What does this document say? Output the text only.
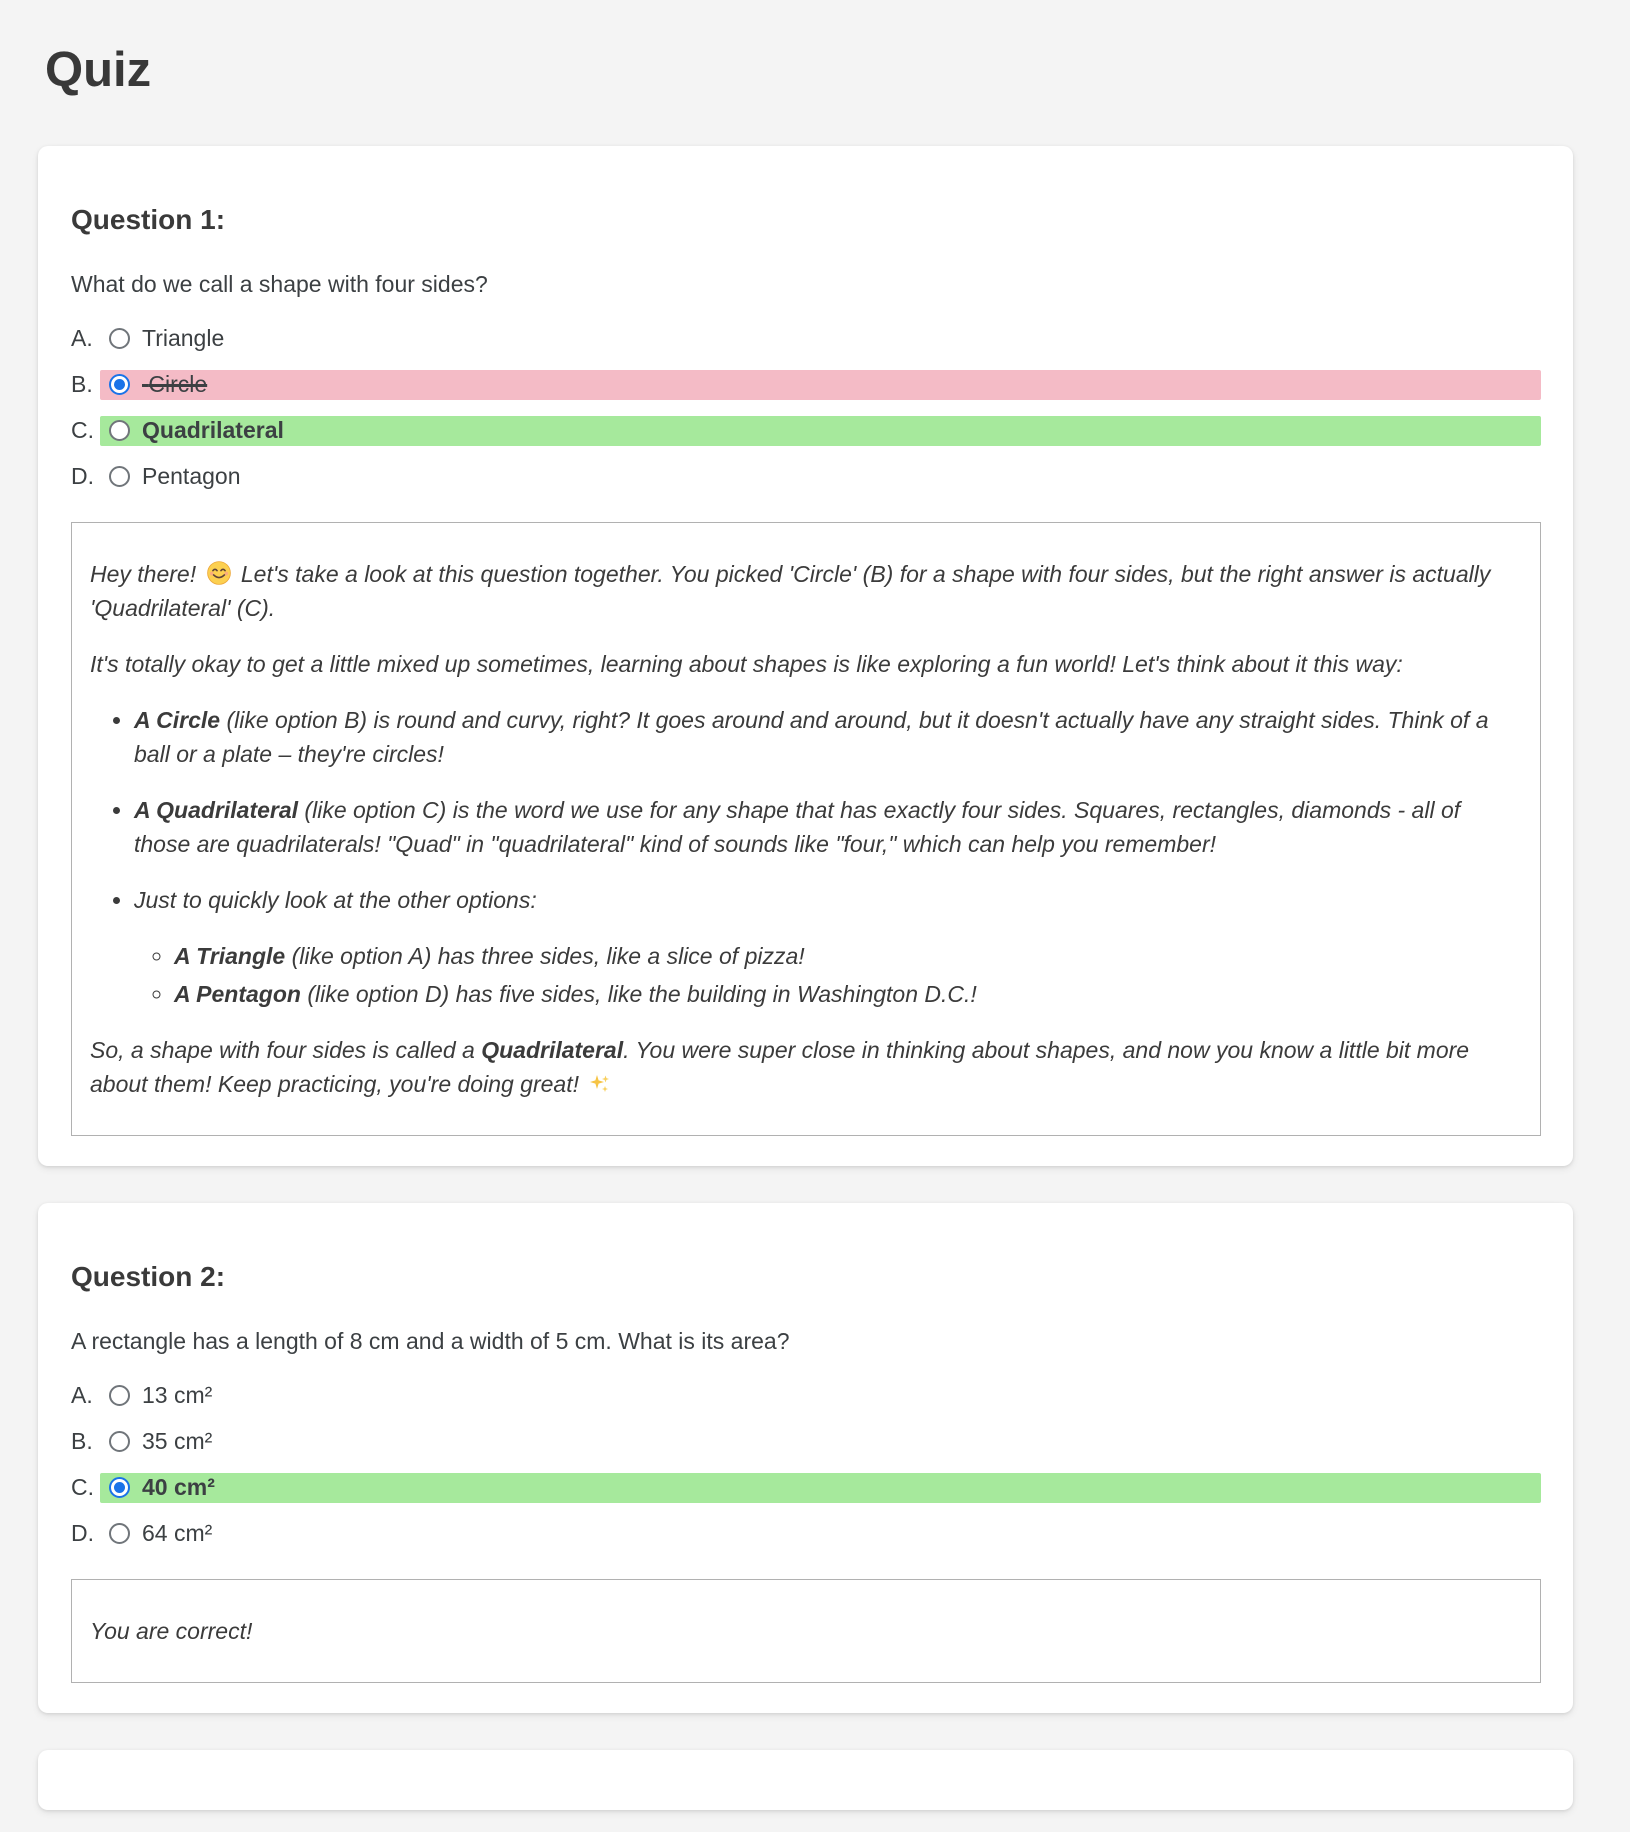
Quiz
Question 1:

What do we call a shape with four sides?

A.	Triangle
B.	Circle
C. Quadrilateral
D. Pentagon

Hey there! Let's take a look at this question together. You picked 'Circle' (B) for a shape with four sides, but the right answer is actually 'Quadrilateral' (C).

It's totally okay to get a little mixed up sometimes, learning about shapes is like exploring a fun world! Let's think about it this way:

• A Circle (like option B) is round and curvy, right? It goes around and around, but it doesn't actually have any straight sides. Think of a ball or a plate – they're circles!
• A Quadrilateral (like option C) is the word we use for any shape that has exactly four sides. Squares, rectangles, diamonds - all of those are quadrilaterals! "Quad" in "quadrilateral" kind of sounds like "four," which can help you remember!
• Just to quickly look at the other options:
◦ A Triangle (like option A) has three sides, like a slice of pizza!
◦ A Pentagon (like option D) has five sides, like the building in Washington D.C.!

So, a shape with four sides is called a Quadrilateral. You were super close in thinking about shapes, and now you know a little bit more about them! Keep practicing, you're doing great!

Question 2:

A rectangle has a length of 8 cm and a width of 5 cm. What is its area?

A.	13 cm²
B.	35 cm²
C. 40 cm²
D. 64 cm²

You are correct!
